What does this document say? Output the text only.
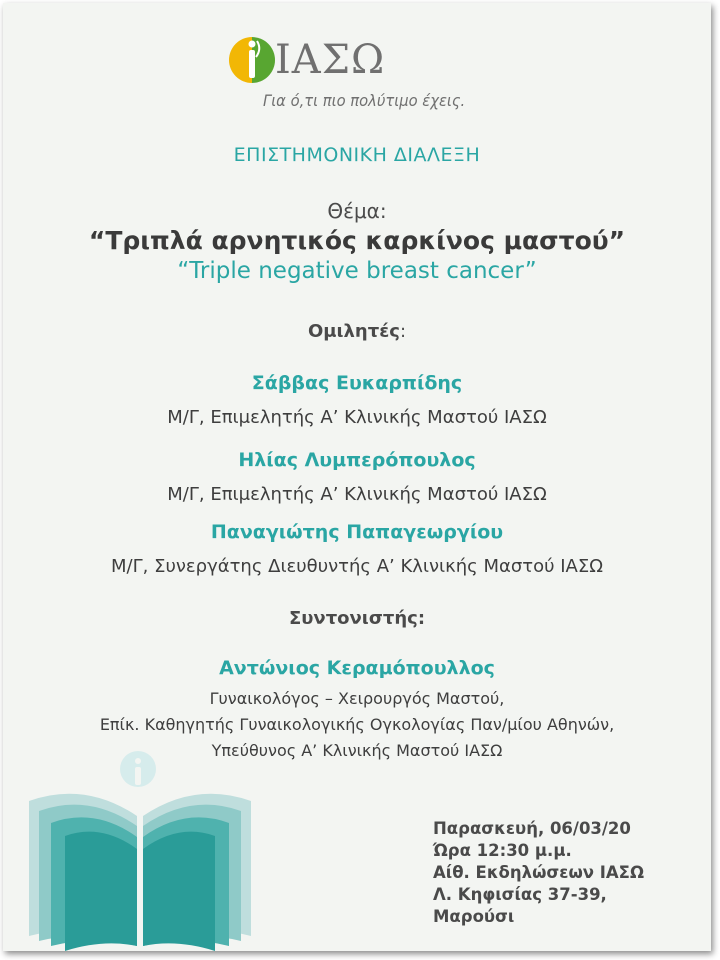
ΙΑΣΩ
Για ό,τι πιο πολύτιμο έχεις.
ΕΠΙΣΤΗΜΟΝΙΚΗ ΔΙΑΛΕΞΗ
Θέμα:
“Τριπλά αρνητικός καρκίνος μαστού”
“Triple negative breast cancer”
Ομιλητές:
Σάββας Ευκαρπίδης
Μ/Γ, Επιμελητής Α’ Κλινικής Μαστού ΙΑΣΩ
Ηλίας Λυμπερόπουλος
Μ/Γ, Επιμελητής Α’ Κλινικής Μαστού ΙΑΣΩ
Παναγιώτης Παπαγεωργίου
Μ/Γ, Συνεργάτης Διευθυντής Α’ Κλινικής Μαστού ΙΑΣΩ
Συντονιστής:
Αντώνιος Κεραμόπουλλος
Γυναικολόγος – Χειρουργός Μαστού,
Επίκ. Καθηγητής Γυναικολογικής Ογκολογίας Παν/μίου Αθηνών,
Υπεύθυνος Α’ Κλινικής Μαστού ΙΑΣΩ
Παρασκευή, 06/03/20
Ώρα 12:30 μ.μ.
Αίθ. Εκδηλώσεων ΙΑΣΩ
Λ. Κηφισίας 37-39,
Μαρούσι
